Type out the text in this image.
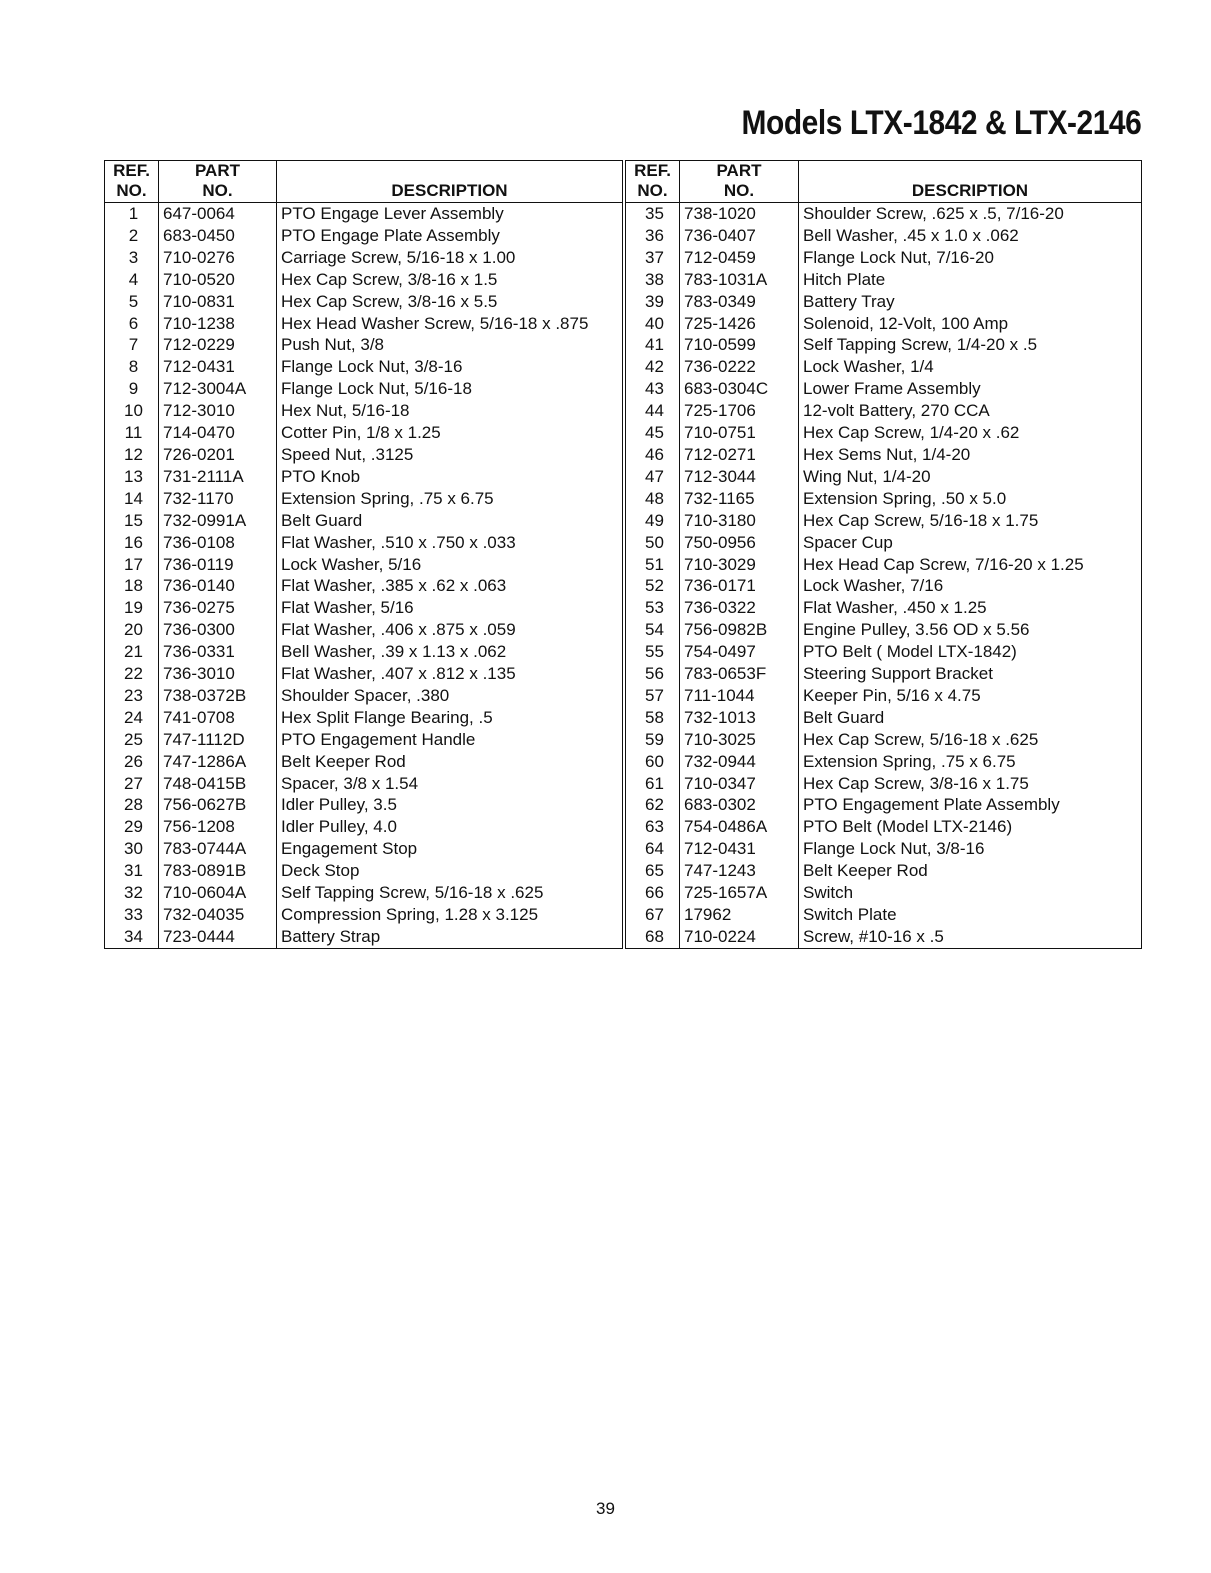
Models LTX-1842 & LTX-2146
REF.	PART	
NO.	NO.	DESCRIPTION
1	647-0064	PTO Engage Lever Assembly
2	683-0450	PTO Engage Plate Assembly
3	710-0276	Carriage Screw, 5/16-18 x 1.00
4	710-0520	Hex Cap Screw, 3/8-16 x 1.5
5	710-0831	Hex Cap Screw, 3/8-16 x 5.5
6	710-1238	Hex Head Washer Screw, 5/16-18 x .875
7	712-0229	Push Nut, 3/8
8	712-0431	Flange Lock Nut, 3/8-16
9	712-3004A	Flange Lock Nut, 5/16-18
10	712-3010	Hex Nut, 5/16-18
11	714-0470	Cotter Pin, 1/8 x 1.25
12	726-0201	Speed Nut, .3125
13	731-2111A	PTO Knob
14	732-1170	Extension Spring, .75 x 6.75
15	732-0991A	Belt Guard
16	736-0108	Flat Washer, .510 x .750 x .033
17	736-0119	Lock Washer, 5/16
18	736-0140	Flat Washer, .385 x .62 x .063
19	736-0275	Flat Washer, 5/16
20	736-0300	Flat Washer, .406 x .875 x .059
21	736-0331	Bell Washer, .39 x 1.13 x .062
22	736-3010	Flat Washer, .407 x .812 x .135
23	738-0372B	Shoulder Spacer, .380
24	741-0708	Hex Split Flange Bearing, .5
25	747-1112D	PTO Engagement Handle
26	747-1286A	Belt Keeper Rod
27	748-0415B	Spacer, 3/8 x 1.54
28	756-0627B	Idler Pulley, 3.5
29	756-1208	Idler Pulley, 4.0
30	783-0744A	Engagement Stop
31	783-0891B	Deck Stop
32	710-0604A	Self Tapping Screw, 5/16-18 x .625
33	732-04035	Compression Spring, 1.28 x 3.125
34	723-0444	Battery Strap
REF.	PART	
NO.	NO.	DESCRIPTION
35	738-1020	Shoulder Screw, .625 x .5, 7/16-20
36	736-0407	Bell Washer, .45 x 1.0 x .062
37	712-0459	Flange Lock Nut, 7/16-20
38	783-1031A	Hitch Plate
39	783-0349	Battery Tray
40	725-1426	Solenoid, 12-Volt, 100 Amp
41	710-0599	Self Tapping Screw, 1/4-20 x .5
42	736-0222	Lock Washer, 1/4
43	683-0304C	Lower Frame Assembly
44	725-1706	12-volt Battery, 270 CCA
45	710-0751	Hex Cap Screw, 1/4-20 x .62
46	712-0271	Hex Sems Nut, 1/4-20
47	712-3044	Wing Nut, 1/4-20
48	732-1165	Extension Spring, .50 x 5.0
49	710-3180	Hex Cap Screw, 5/16-18 x 1.75
50	750-0956	Spacer Cup
51	710-3029	Hex Head Cap Screw, 7/16-20 x 1.25
52	736-0171	Lock Washer, 7/16
53	736-0322	Flat Washer, .450 x 1.25
54	756-0982B	Engine Pulley, 3.56 OD x 5.56
55	754-0497	PTO Belt ( Model LTX-1842)
56	783-0653F	Steering Support Bracket
57	711-1044	Keeper Pin, 5/16 x 4.75
58	732-1013	Belt Guard
59	710-3025	Hex Cap Screw, 5/16-18 x .625
60	732-0944	Extension Spring, .75 x 6.75
61	710-0347	Hex Cap Screw, 3/8-16 x 1.75
62	683-0302	PTO Engagement Plate Assembly
63	754-0486A	PTO Belt (Model LTX-2146)
64	712-0431	Flange Lock Nut, 3/8-16
65	747-1243	Belt Keeper Rod
66	725-1657A	Switch
67	17962	Switch Plate
68	710-0224	Screw, #10-16 x .5
39
